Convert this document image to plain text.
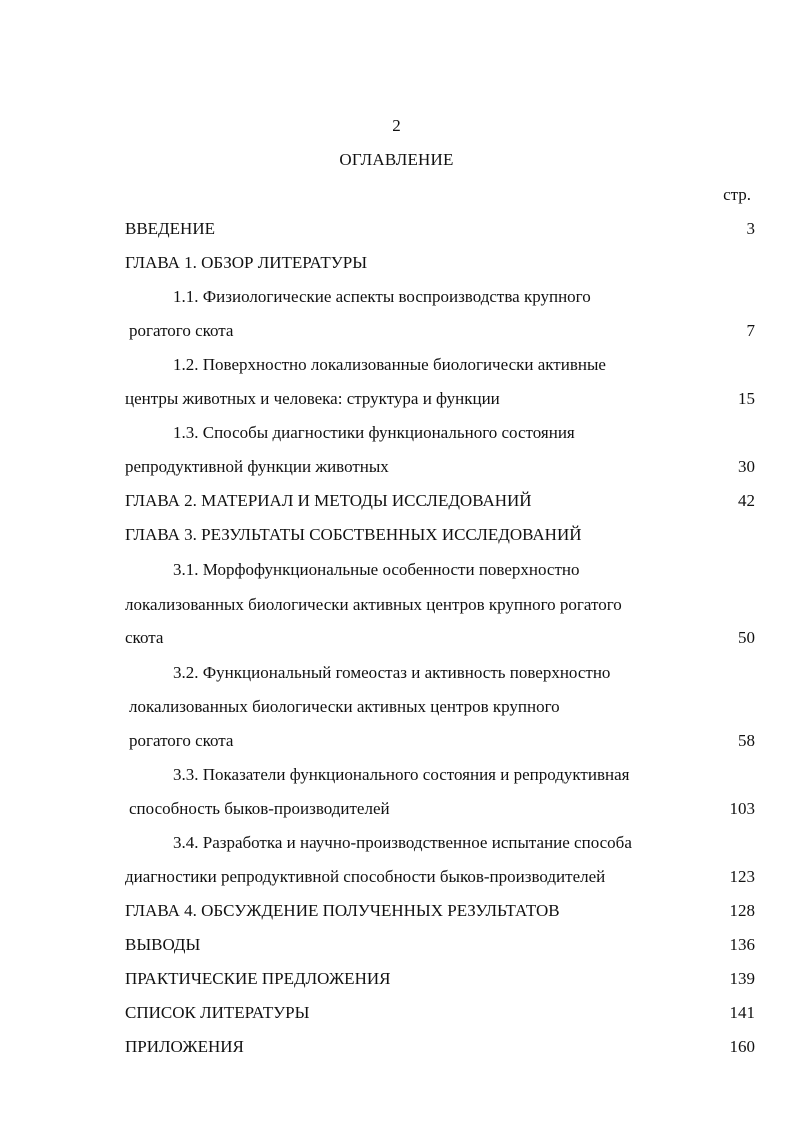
2
ОГЛАВЛЕНИЕ
стр.
ВВЕДЕНИЕ	3
ГЛАВА 1. ОБЗОР ЛИТЕРАТУРЫ
1.1. Физиологические аспекты воспроизводства крупного
рогатого скота	7
1.2. Поверхностно локализованные биологически активные
центры животных и человека: структура и функции	15
1.3. Способы диагностики функционального состояния
репродуктивной функции животных	30
ГЛАВА 2. МАТЕРИАЛ И МЕТОДЫ ИССЛЕДОВАНИЙ	42
ГЛАВА 3. РЕЗУЛЬТАТЫ СОБСТВЕННЫХ ИССЛЕДОВАНИЙ
3.1. Морфофункциональные особенности поверхностно
локализованных биологически активных центров крупного рогатого
скота	50
3.2. Функциональный гомеостаз и активность поверхностно
локализованных биологически активных центров крупного
рогатого скота	58
3.3. Показатели функционального состояния и репродуктивная
способность быков-производителей	103
3.4. Разработка и научно-производственное испытание способа
диагностики репродуктивной способности быков-производителей	123
ГЛАВА 4. ОБСУЖДЕНИЕ ПОЛУЧЕННЫХ РЕЗУЛЬТАТОВ	128
ВЫВОДЫ	136
ПРАКТИЧЕСКИЕ ПРЕДЛОЖЕНИЯ	139
СПИСОК ЛИТЕРАТУРЫ	141
ПРИЛОЖЕНИЯ	160
